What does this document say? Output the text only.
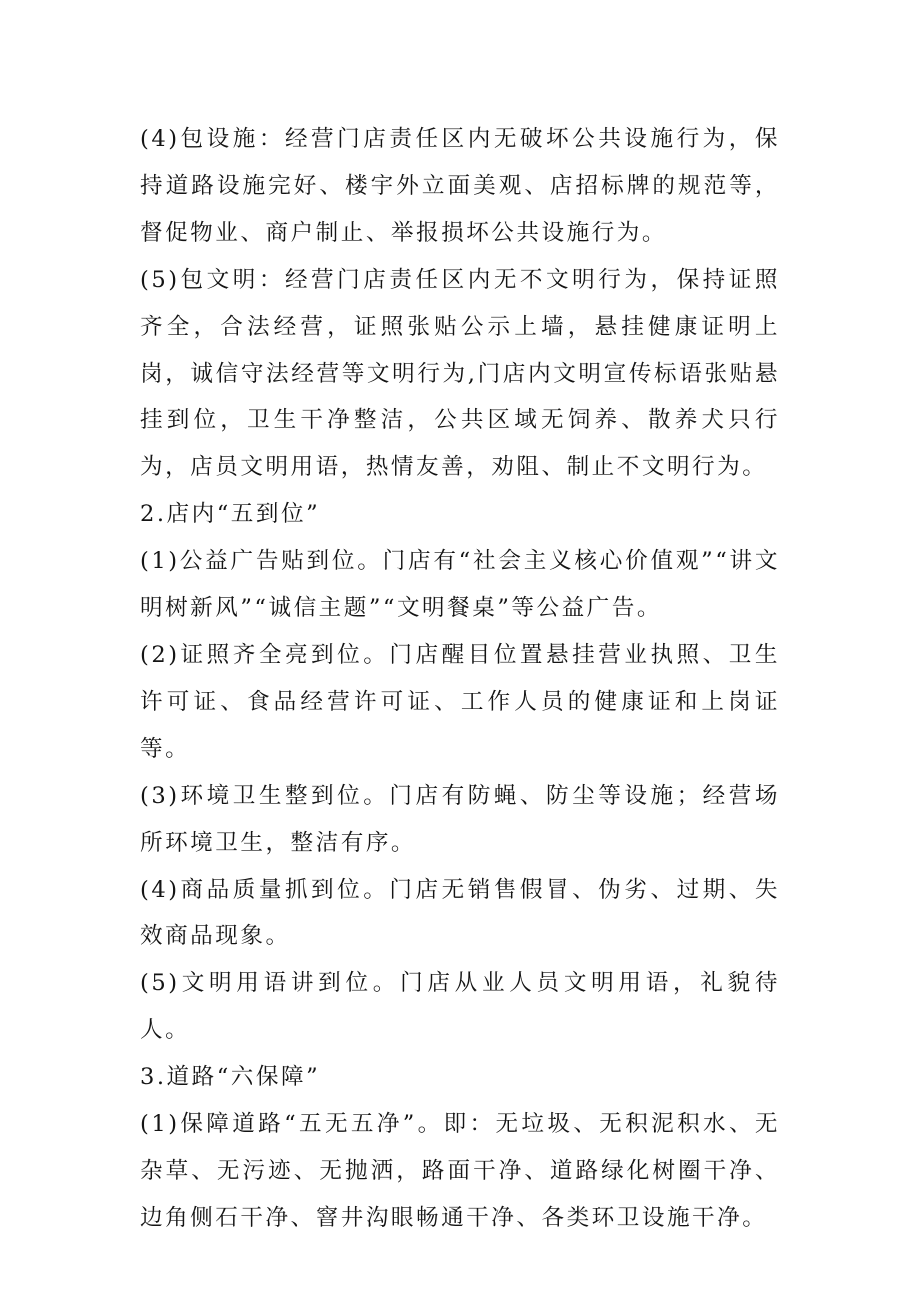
(4)包设施：经营门店责任区内无破坏公共设施行为，保持道路设施完好、楼宇外立面美观、店招标牌的规范等，督促物业、商户制止、举报损坏公共设施行为。

(5)包文明：经营门店责任区内无不文明行为，保持证照齐全，合法经营，证照张贴公示上墙，悬挂健康证明上岗，诚信守法经营等文明行为,门店内文明宣传标语张贴悬挂到位，卫生干净整洁，公共区域无饲养、散养犬只行为，店员文明用语，热情友善，劝阻、制止不文明行为。

2.店内“五到位”

(1)公益广告贴到位。门店有“社会主义核心价值观”“讲文明树新风”“诚信主题”“文明餐桌”等公益广告。

(2)证照齐全亮到位。门店醒目位置悬挂营业执照、卫生许可证、食品经营许可证、工作人员的健康证和上岗证等。

(3)环境卫生整到位。门店有防蝇、防尘等设施；经营场所环境卫生，整洁有序。

(4)商品质量抓到位。门店无销售假冒、伪劣、过期、失效商品现象。

(5)文明用语讲到位。门店从业人员文明用语，礼貌待人。

3.道路“六保障”

(1)保障道路“五无五净”。即：无垃圾、无积泥积水、无杂草、无污迹、无抛洒，路面干净、道路绿化树圈干净、边角侧石干净、窨井沟眼畅通干净、各类环卫设施干净。
